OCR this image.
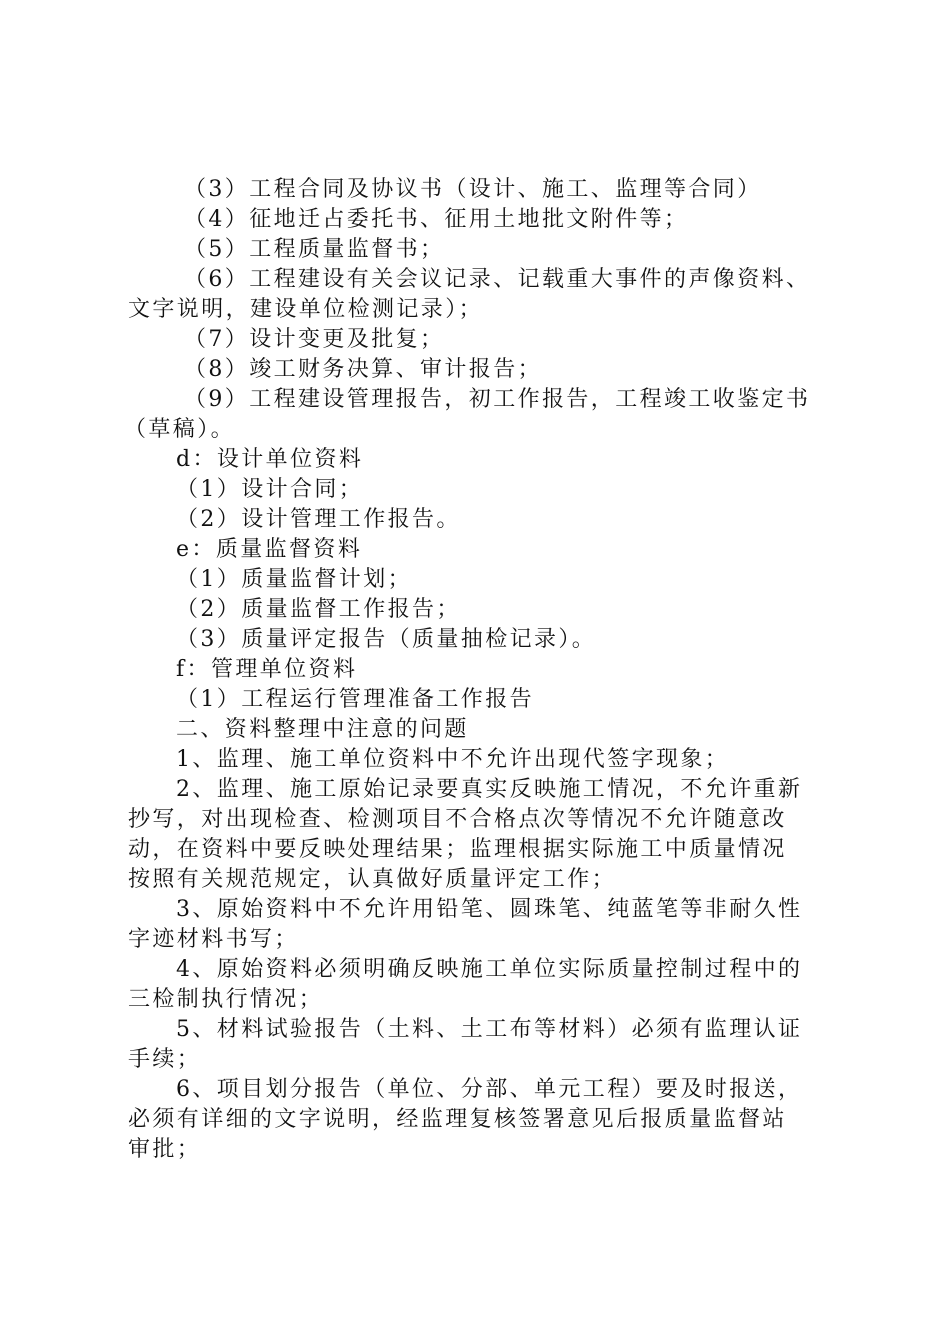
（3）工程合同及协议书（设计、施工、监理等合同）
（4）征地迁占委托书、征用土地批文附件等；
（5）工程质量监督书；
（6）工程建设有关会议记录、记载重大事件的声像资料、
文字说明，建设单位检测记录）；
（7）设计变更及批复；
（8）竣工财务决算、审计报告；
（9）工程建设管理报告，初工作报告，工程竣工收鉴定书
（草稿）。
d：设计单位资料
（1）设计合同；
（2）设计管理工作报告。
e：质量监督资料
（1）质量监督计划；
（2）质量监督工作报告；
（3）质量评定报告（质量抽检记录）。
f：管理单位资料
（1）工程运行管理准备工作报告
二、资料整理中注意的问题
1、监理、施工单位资料中不允许出现代签字现象；
2、监理、施工原始记录要真实反映施工情况，不允许重新
抄写，对出现检查、检测项目不合格点次等情况不允许随意改
动，在资料中要反映处理结果；监理根据实际施工中质量情况
按照有关规范规定，认真做好质量评定工作；
3、原始资料中不允许用铅笔、圆珠笔、纯蓝笔等非耐久性
字迹材料书写；
4、原始资料必须明确反映施工单位实际质量控制过程中的
三检制执行情况；
5、材料试验报告（土料、土工布等材料）必须有监理认证
手续；
6、项目划分报告（单位、分部、单元工程）要及时报送，
必须有详细的文字说明，经监理复核签署意见后报质量监督站
审批；
